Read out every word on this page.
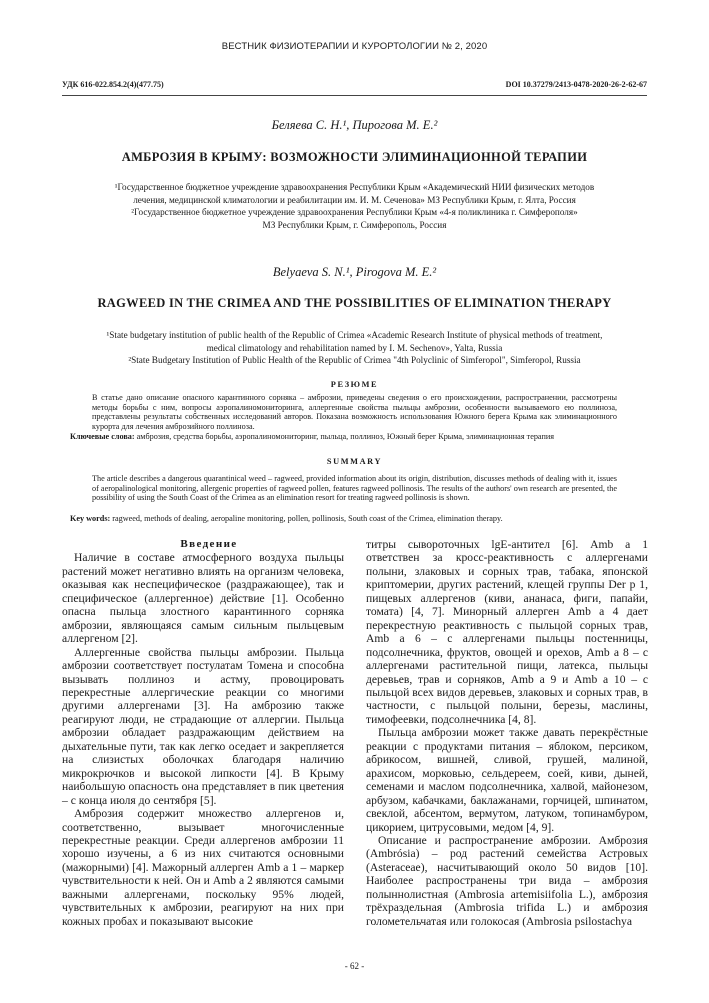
ВЕСТНИК ФИЗИОТЕРАПИИ И КУРОРТОЛОГИИ № 2, 2020
УДК 616-022.854.2(4)(477.75)	DOI 10.37279/2413-0478-2020-26-2-62-67
Беляева С. Н.¹, Пирогова М. Е.²
АМБРОЗИЯ В КРЫМУ: ВОЗМОЖНОСТИ ЭЛИМИНАЦИОННОЙ ТЕРАПИИ
¹Государственное бюджетное учреждение здравоохранения Республики Крым «Академический НИИ физических методов
лечения, медицинской климатологии и реабилитации им. И. М. Сеченова» МЗ Республики Крым, г. Ялта, Россия
²Государственное бюджетное учреждение здравоохранения Республики Крым «4-я поликлиника г. Симферополя»
МЗ Республики Крым, г. Симферополь, Россия
Belyaeva S. N.¹, Pirogova M. E.²
RAGWEED IN THE CRIMEA AND THE POSSIBILITIES OF ELIMINATION THERAPY
¹State budgetary institution of public health of the Republic of Crimea «Academic Research Institute of physical methods of treatment,
medical climatology and rehabilitation named by I. M. Sechenov», Yalta, Russia
²State Budgetary Institution of Public Health of the Republic of Crimea "4th Polyclinic of Simferopol", Simferopol, Russia
РЕЗЮМЕ
В статье дано описание опасного карантинного сорняка – амброзии, приведены сведения о его происхождении, распространении, рассмотрены методы борьбы с ним, вопросы аэропалиномониторинга, аллергенные свойства пыльцы амброзии, особенности вызываемого ею поллиноза, представлены результаты собственных исследований авторов. Показана возможность использования Южного берега Крыма как элиминационного курорта для лечения амброзийного поллиноза.
Ключевые слова: амброзия, средства борьбы, аэропалиномониторинг, пыльца, поллиноз, Южный берег Крыма, элиминационная терапия
SUMMARY
The article describes a dangerous quarantinical weed – ragweed, provided information about its origin, distribution, discusses methods of dealing with it, issues of aeropalinological monitoring, allergenic properties of ragweed pollen, features ragweed pollinosis. The results of the authors' own research are presented, the possibility of using the South Coast of the Crimea as an elimination resort for treating ragweed pollinosis is shown.
Key words: ragweed, methods of dealing, aeropaline monitoring, pollen, pollinosis, South coast of the Crimea, elimination therapy.

Введение

Наличие в составе атмосферного воздуха пыльцы растений может негативно влиять на организм человека, оказывая как неспецифическое (раздражающее), так и специфическое (аллергенное) действие [1]. Особенно опасна пыльца злостного карантинного сорняка амброзии, являющаяся самым сильным пыльцевым аллергеном [2].

Аллергенные свойства пыльцы амброзии. Пыльца амброзии соответствует постулатам Томена и способна вызывать поллиноз и астму, провоцировать перекрестные аллергические реакции со многими другими аллергенами [3]. На амброзию также реагируют люди, не страдающие от аллергии. Пыльца амброзии обладает раздражающим действием на дыхательные пути, так как легко оседает и закрепляется на слизистых оболочках благодаря наличию микрокрючков и высокой липкости [4]. В Крыму наибольшую опасность она представляет в пик цветения – с конца июля до сентября [5].

Амброзия содержит множество аллергенов и, соответственно, вызывает многочисленные перекрестные реакции. Среди аллергенов амброзии 11 хорошо изучены, а 6 из них считаются основными (мажорными) [4]. Мажорный аллерген Amb a 1 – маркер чувствительности к ней. Он и Amb a 2 являются самыми важными аллергенами, поскольку 95% людей, чувствительных к амброзии, реагируют на них при кожных пробах и показывают высокие

титры сывороточных lgE-антител [6]. Amb a 1 ответствен за кросс-реактивность с аллергенами полыни, злаковых и сорных трав, табака, японской криптомерии, других растений, клещей группы Der p 1, пищевых аллергенов (киви, ананаса, фиги, папайи, томата) [4, 7]. Минорный аллерген Amb a 4 дает перекрестную реактивность с пыльцой сорных трав, Amb a 6 – с аллергенами пыльцы постенницы, подсолнечника, фруктов, овощей и орехов, Amb a 8 – с аллергенами растительной пищи, латекса, пыльцы деревьев, трав и сорняков, Amb a 9 и Amb a 10 – с пыльцой всех видов деревьев, злаковых и сорных трав, в частности, с пыльцой полыни, березы, маслины, тимофеевки, подсолнечника [4, 8].

Пыльца амброзии может также давать перекрёстные реакции с продуктами питания – яблоком, персиком, абрикосом, вишней, сливой, грушей, малиной, арахисом, морковью, сельдереем, соей, киви, дыней, семенами и маслом подсолнечника, халвой, майонезом, арбузом, кабачками, баклажанами, горчицей, шпинатом, свеклой, абсентом, вермутом, латуком, топинамбуром, цикорием, цитрусовыми, медом [4, 9].

Описание и распространение амброзии. Амброзия (Ambrósia) – род растений семейства Астровых (Asteraceae), насчитывающий около 50 видов [10]. Наиболее распространены три вида – амброзия полыннолистная (Ambrosia artemisiifolia L.), амброзия трёхраздельная (Ambrosia trifida L.) и амброзия голометельчатая или голокосая (Ambrosia psilostachya

- 62 -
